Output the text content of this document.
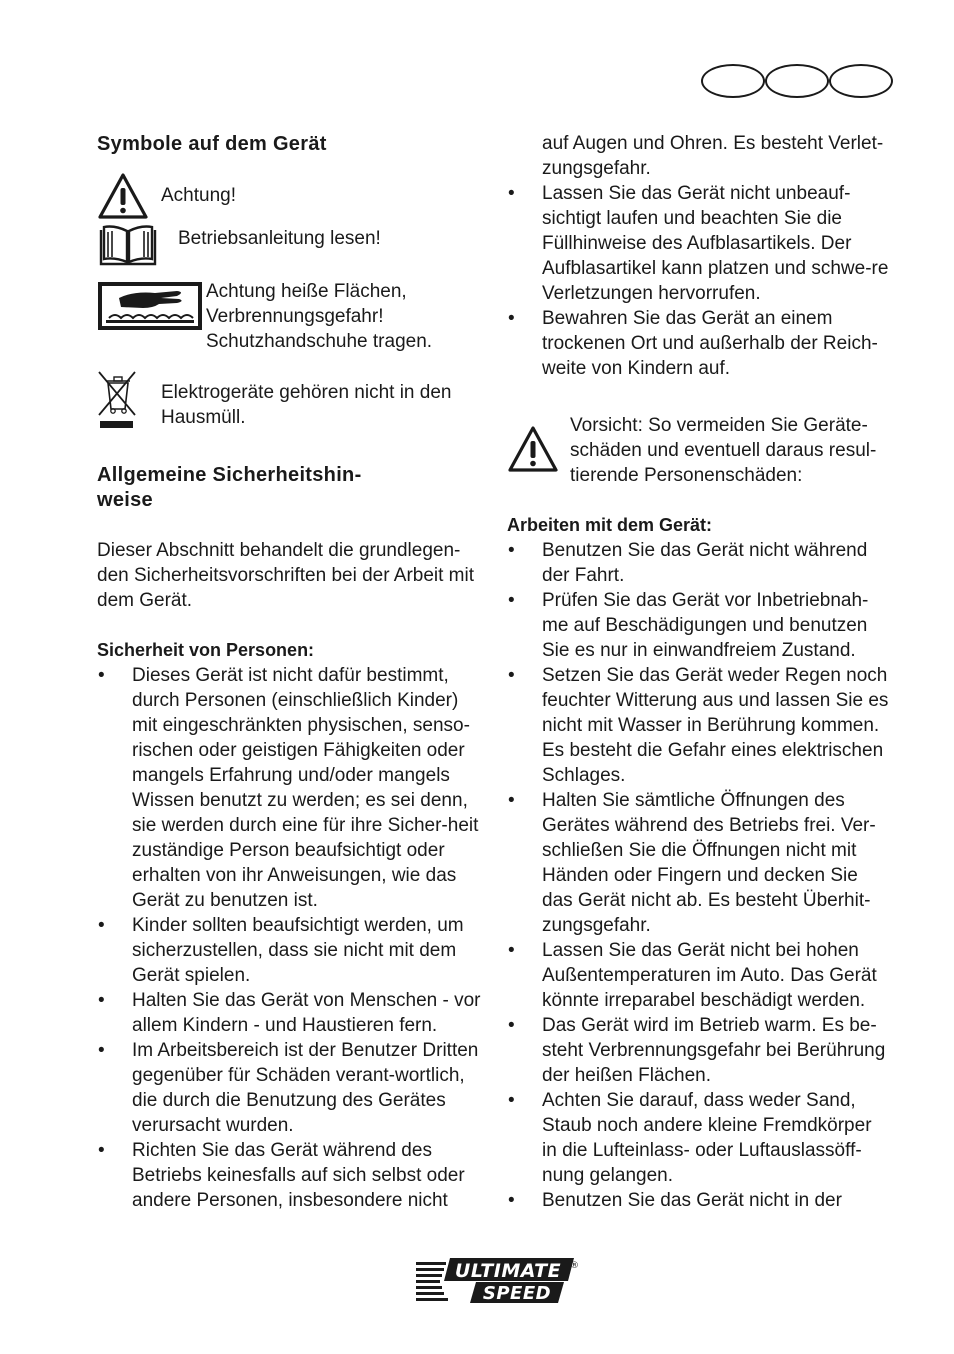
Symbole auf dem Gerät
Achtung!
Betriebsanleitung lesen!
Achtung heiße Flächen,
Verbrennungsgefahr!
Schutzhandschuhe tragen.
Elektrogeräte gehören nicht in den
Hausmüll.
Allgemeine Sicherheitshin-
weise

Dieser Abschnitt behandelt die grundlegen-den Sicherheitsvorschriften bei der Arbeit mit dem Gerät.

Sicherheit von Personen:
• Dieses Gerät ist nicht dafür bestimmt, durch Personen (einschließlich Kinder) mit eingeschränkten physischen, senso-rischen oder geistigen Fähigkeiten oder mangels Erfahrung und/oder mangels Wissen benutzt zu werden; es sei denn, sie werden durch eine für ihre Sicher-heit zuständige Person beaufsichtigt oder erhalten von ihr Anweisungen, wie das Gerät zu benutzen ist.
• Kinder sollten beaufsichtigt werden, um sicherzustellen, dass sie nicht mit dem Gerät spielen.
• Halten Sie das Gerät von Menschen - vor allem Kindern - und Haustieren fern.
• Im Arbeitsbereich ist der Benutzer Dritten gegenüber für Schäden verant-wortlich, die durch die Benutzung des Gerätes verursacht wurden.
• Richten Sie das Gerät während des Betriebs keinesfalls auf sich selbst oder andere Personen, insbesondere nicht

auf Augen und Ohren. Es besteht Verlet-zungsgefahr.

• Lassen Sie das Gerät nicht unbeauf-sichtigt laufen und beachten Sie die Füllhinweise des Aufblasartikels. Der Aufblasartikel kann platzen und schwe-re Verletzungen hervorrufen.
• Bewahren Sie das Gerät an einem trockenen Ort und außerhalb der Reich-weite von Kindern auf.
Vorsicht: So vermeiden Sie Geräte-schäden und eventuell daraus resul-tierende Personenschäden:
Arbeiten mit dem Gerät:
• Benutzen Sie das Gerät nicht während der Fahrt.
• Prüfen Sie das Gerät vor Inbetriebnah-me auf Beschädigungen und benutzen Sie es nur in einwandfreiem Zustand.
• Setzen Sie das Gerät weder Regen noch feuchter Witterung aus und lassen Sie es nicht mit Wasser in Berührung kommen. Es besteht die Gefahr eines elektrischen Schlages.
• Halten Sie sämtliche Öffnungen des Gerätes während des Betriebs frei. Ver-schließen Sie die Öffnungen nicht mit Händen oder Fingern und decken Sie das Gerät nicht ab. Es besteht Überhit-zungsgefahr.
• Lassen Sie das Gerät nicht bei hohen Außentemperaturen im Auto. Das Gerät könnte irreparabel beschädigt werden.
• Das Gerät wird im Betrieb warm. Es be-steht Verbrennungsgefahr bei Berührung der heißen Flächen.
• Achten Sie darauf, dass weder Sand, Staub noch andere kleine Fremdkörper in die Lufteinlass- oder Luftauslassöff-nung gelangen.
• Benutzen Sie das Gerät nicht in der
ULTIMATE
SPEED
®
